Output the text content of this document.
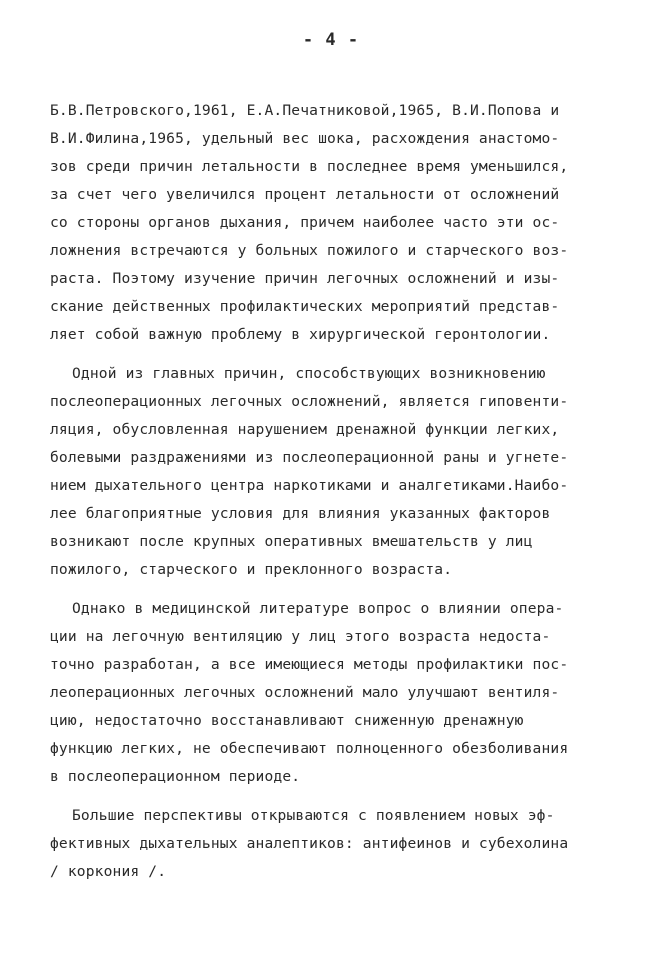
- 4 -
Б.В.Петровского,1961, Е.А.Печатниковой,1965, В.И.Попова и
В.И.Филина,1965, удельный вес шока, расхождения анастомо-
зов среди причин летальности в последнее время уменьшился,
за счет чего увеличился процент летальности от осложнений
со стороны органов дыхания, причем наиболее часто эти ос-
ложнения встречаются у больных пожилого и старческого воз-
раста. Поэтому изучение причин легочных осложнений и изы-
скание действенных профилактических мероприятий представ-
ляет собой важную проблему в хирургической геронтологии.
Одной из главных причин, способствующих возникновению
послеоперационных легочных осложнений, является гиповенти-
ляция, обусловленная нарушением дренажной функции легких,
болевыми раздражениями из послеоперационной раны и угнете-
нием дыхательного центра наркотиками и аналгетиками.Наибо-
лее благоприятные условия для влияния указанных факторов
возникают после крупных оперативных вмешательств у лиц
пожилого, старческого и преклонного возраста.
Однако в медицинской литературе вопрос о влиянии опера-
ции на легочную вентиляцию у лиц этого возраста недоста-
точно разработан, а все имеющиеся методы профилактики пос-
леоперационных легочных осложнений мало улучшают вентиля-
цию, недостаточно восстанавливают сниженную дренажную
функцию легких, не обеспечивают полноценного обезболивания
в послеоперационном периоде.
Большие перспективы открываются с появлением новых эф-
фективных дыхательных аналептиков: антифеинов и субехолина
/ коркония /.
